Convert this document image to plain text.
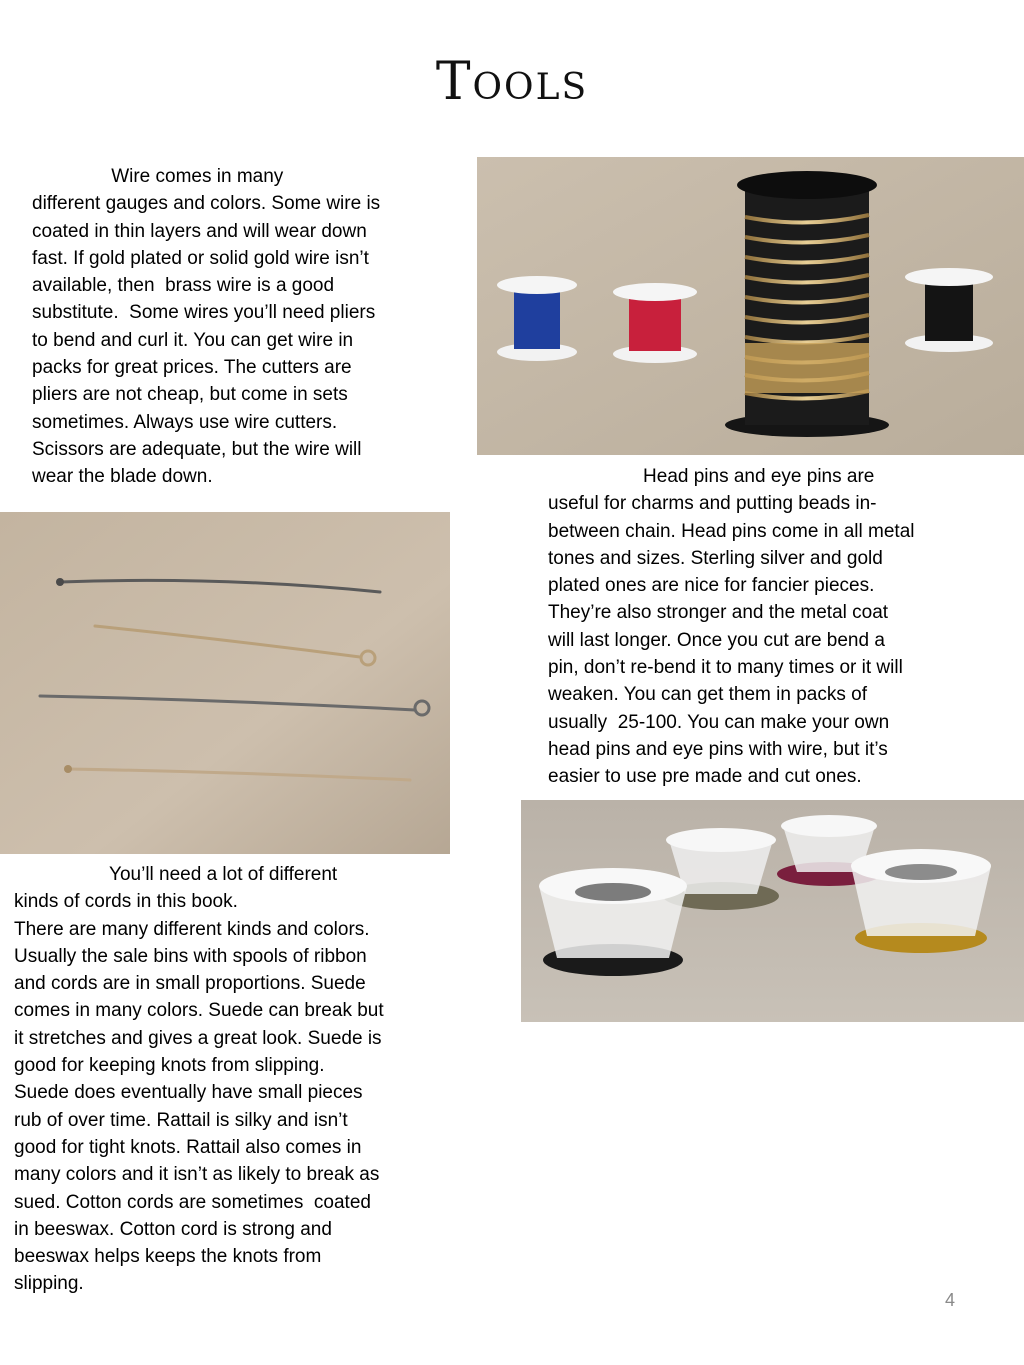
Tools
Wire comes in many
different gauges and colors. Some wire is
coated in thin layers and will wear down
fast. If gold plated or solid gold wire isn’t
available, then  brass wire is a good
substitute.  Some wires you’ll need pliers
to bend and curl it. You can get wire in
packs for great prices. The cutters are
pliers are not cheap, but come in sets
sometimes. Always use wire cutters.
Scissors are adequate, but the wire will
wear the blade down.	Head pins and eye pins are
useful for charms and putting beads in-
between chain. Head pins come in all metal
tones and sizes. Sterling silver and gold
plated ones are nice for fancier pieces.
They’re also stronger and the metal coat
will last longer. Once you cut are bend a
pin, don’t re-bend it to many times or it will
weaken. You can get them in packs of
usually  25-100. You can make your own
head pins and eye pins with wire, but it’s
easier to use pre made and cut ones.
You’ll need a lot of different
kinds of cords in this book.
There are many different kinds and colors.
Usually the sale bins with spools of ribbon
and cords are in small proportions. Suede
comes in many colors. Suede can break but
it stretches and gives a great look. Suede is
good for keeping knots from slipping.
Suede does eventually have small pieces
rub of over time. Rattail is silky and isn’t
good for tight knots. Rattail also comes in
many colors and it isn’t as likely to break as
sued. Cotton cords are sometimes  coated
in beeswax. Cotton cord is strong and
beeswax helps keeps the knots from
slipping.
4
